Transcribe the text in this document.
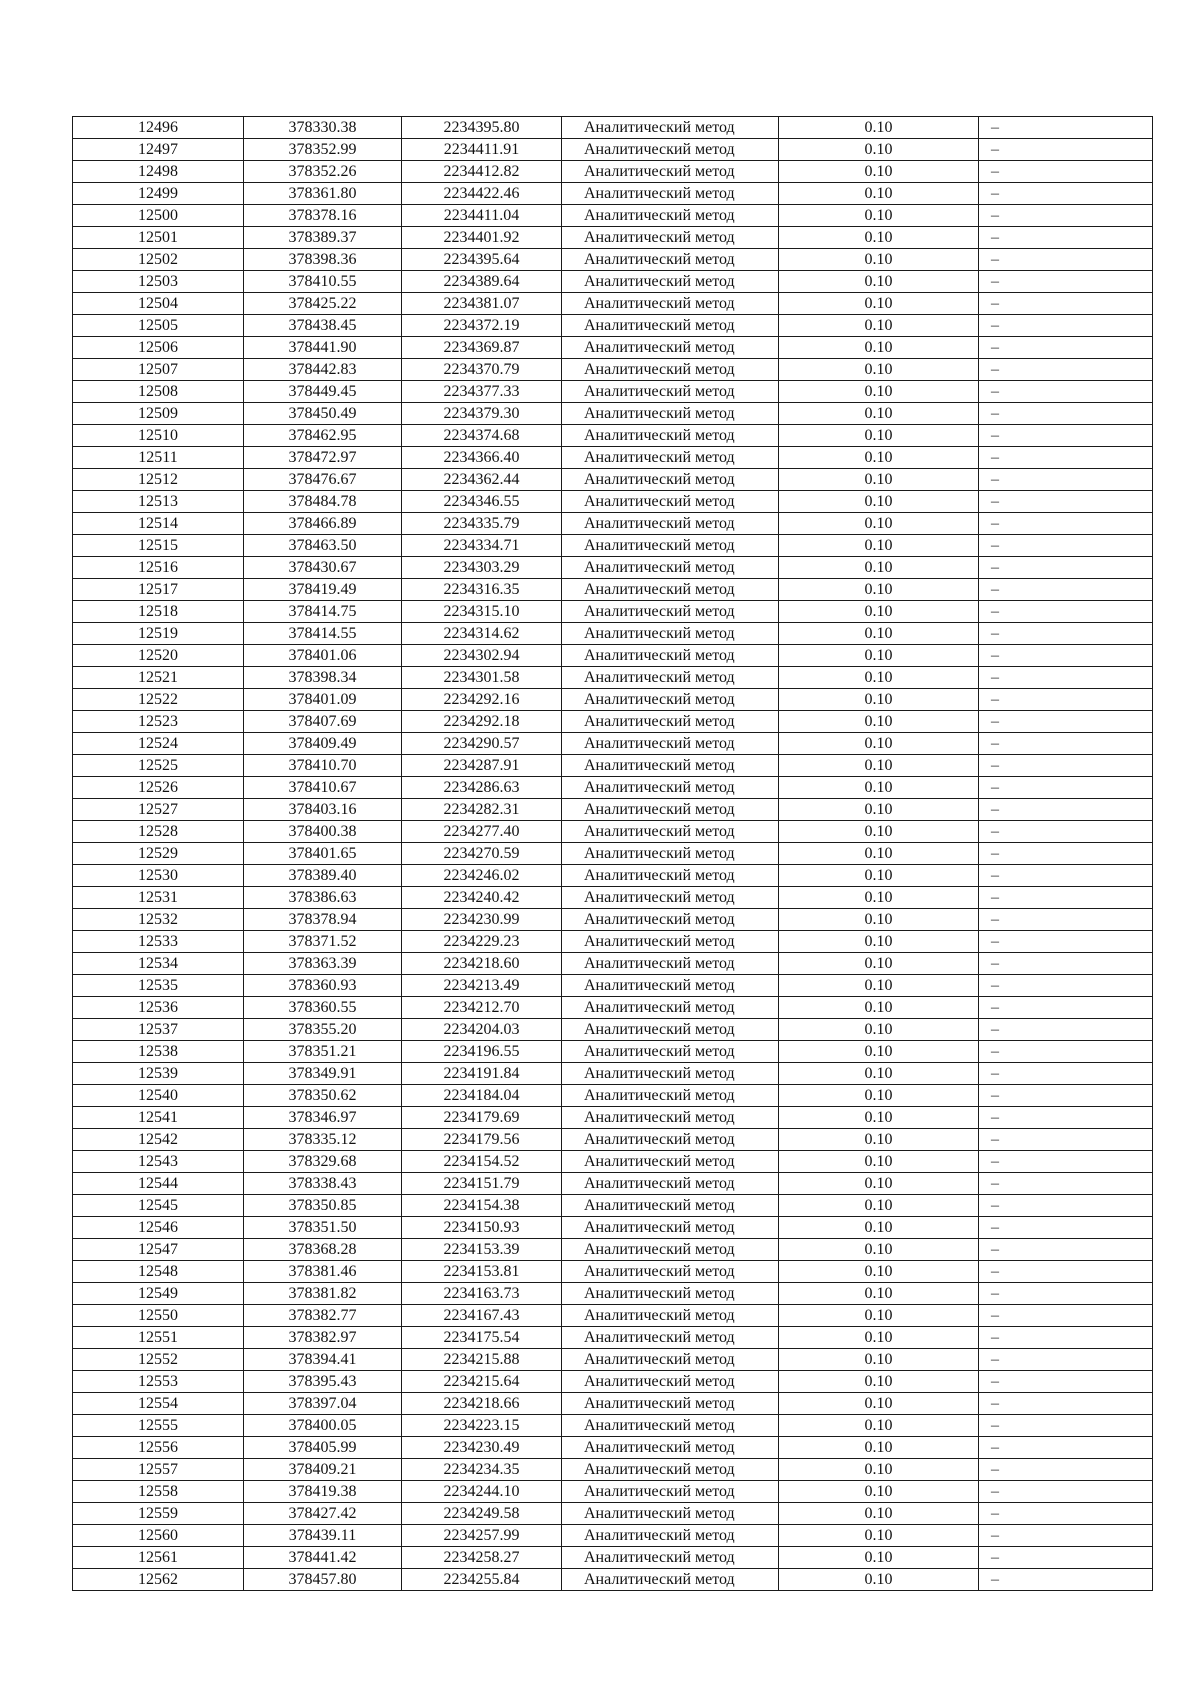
12496	378330.38	2234395.80	Аналитический метод	0.10	–
12497	378352.99	2234411.91	Аналитический метод	0.10	–
12498	378352.26	2234412.82	Аналитический метод	0.10	–
12499	378361.80	2234422.46	Аналитический метод	0.10	–
12500	378378.16	2234411.04	Аналитический метод	0.10	–
12501	378389.37	2234401.92	Аналитический метод	0.10	–
12502	378398.36	2234395.64	Аналитический метод	0.10	–
12503	378410.55	2234389.64	Аналитический метод	0.10	–
12504	378425.22	2234381.07	Аналитический метод	0.10	–
12505	378438.45	2234372.19	Аналитический метод	0.10	–
12506	378441.90	2234369.87	Аналитический метод	0.10	–
12507	378442.83	2234370.79	Аналитический метод	0.10	–
12508	378449.45	2234377.33	Аналитический метод	0.10	–
12509	378450.49	2234379.30	Аналитический метод	0.10	–
12510	378462.95	2234374.68	Аналитический метод	0.10	–
12511	378472.97	2234366.40	Аналитический метод	0.10	–
12512	378476.67	2234362.44	Аналитический метод	0.10	–
12513	378484.78	2234346.55	Аналитический метод	0.10	–
12514	378466.89	2234335.79	Аналитический метод	0.10	–
12515	378463.50	2234334.71	Аналитический метод	0.10	–
12516	378430.67	2234303.29	Аналитический метод	0.10	–
12517	378419.49	2234316.35	Аналитический метод	0.10	–
12518	378414.75	2234315.10	Аналитический метод	0.10	–
12519	378414.55	2234314.62	Аналитический метод	0.10	–
12520	378401.06	2234302.94	Аналитический метод	0.10	–
12521	378398.34	2234301.58	Аналитический метод	0.10	–
12522	378401.09	2234292.16	Аналитический метод	0.10	–
12523	378407.69	2234292.18	Аналитический метод	0.10	–
12524	378409.49	2234290.57	Аналитический метод	0.10	–
12525	378410.70	2234287.91	Аналитический метод	0.10	–
12526	378410.67	2234286.63	Аналитический метод	0.10	–
12527	378403.16	2234282.31	Аналитический метод	0.10	–
12528	378400.38	2234277.40	Аналитический метод	0.10	–
12529	378401.65	2234270.59	Аналитический метод	0.10	–
12530	378389.40	2234246.02	Аналитический метод	0.10	–
12531	378386.63	2234240.42	Аналитический метод	0.10	–
12532	378378.94	2234230.99	Аналитический метод	0.10	–
12533	378371.52	2234229.23	Аналитический метод	0.10	–
12534	378363.39	2234218.60	Аналитический метод	0.10	–
12535	378360.93	2234213.49	Аналитический метод	0.10	–
12536	378360.55	2234212.70	Аналитический метод	0.10	–
12537	378355.20	2234204.03	Аналитический метод	0.10	–
12538	378351.21	2234196.55	Аналитический метод	0.10	–
12539	378349.91	2234191.84	Аналитический метод	0.10	–
12540	378350.62	2234184.04	Аналитический метод	0.10	–
12541	378346.97	2234179.69	Аналитический метод	0.10	–
12542	378335.12	2234179.56	Аналитический метод	0.10	–
12543	378329.68	2234154.52	Аналитический метод	0.10	–
12544	378338.43	2234151.79	Аналитический метод	0.10	–
12545	378350.85	2234154.38	Аналитический метод	0.10	–
12546	378351.50	2234150.93	Аналитический метод	0.10	–
12547	378368.28	2234153.39	Аналитический метод	0.10	–
12548	378381.46	2234153.81	Аналитический метод	0.10	–
12549	378381.82	2234163.73	Аналитический метод	0.10	–
12550	378382.77	2234167.43	Аналитический метод	0.10	–
12551	378382.97	2234175.54	Аналитический метод	0.10	–
12552	378394.41	2234215.88	Аналитический метод	0.10	–
12553	378395.43	2234215.64	Аналитический метод	0.10	–
12554	378397.04	2234218.66	Аналитический метод	0.10	–
12555	378400.05	2234223.15	Аналитический метод	0.10	–
12556	378405.99	2234230.49	Аналитический метод	0.10	–
12557	378409.21	2234234.35	Аналитический метод	0.10	–
12558	378419.38	2234244.10	Аналитический метод	0.10	–
12559	378427.42	2234249.58	Аналитический метод	0.10	–
12560	378439.11	2234257.99	Аналитический метод	0.10	–
12561	378441.42	2234258.27	Аналитический метод	0.10	–
12562	378457.80	2234255.84	Аналитический метод	0.10	–
